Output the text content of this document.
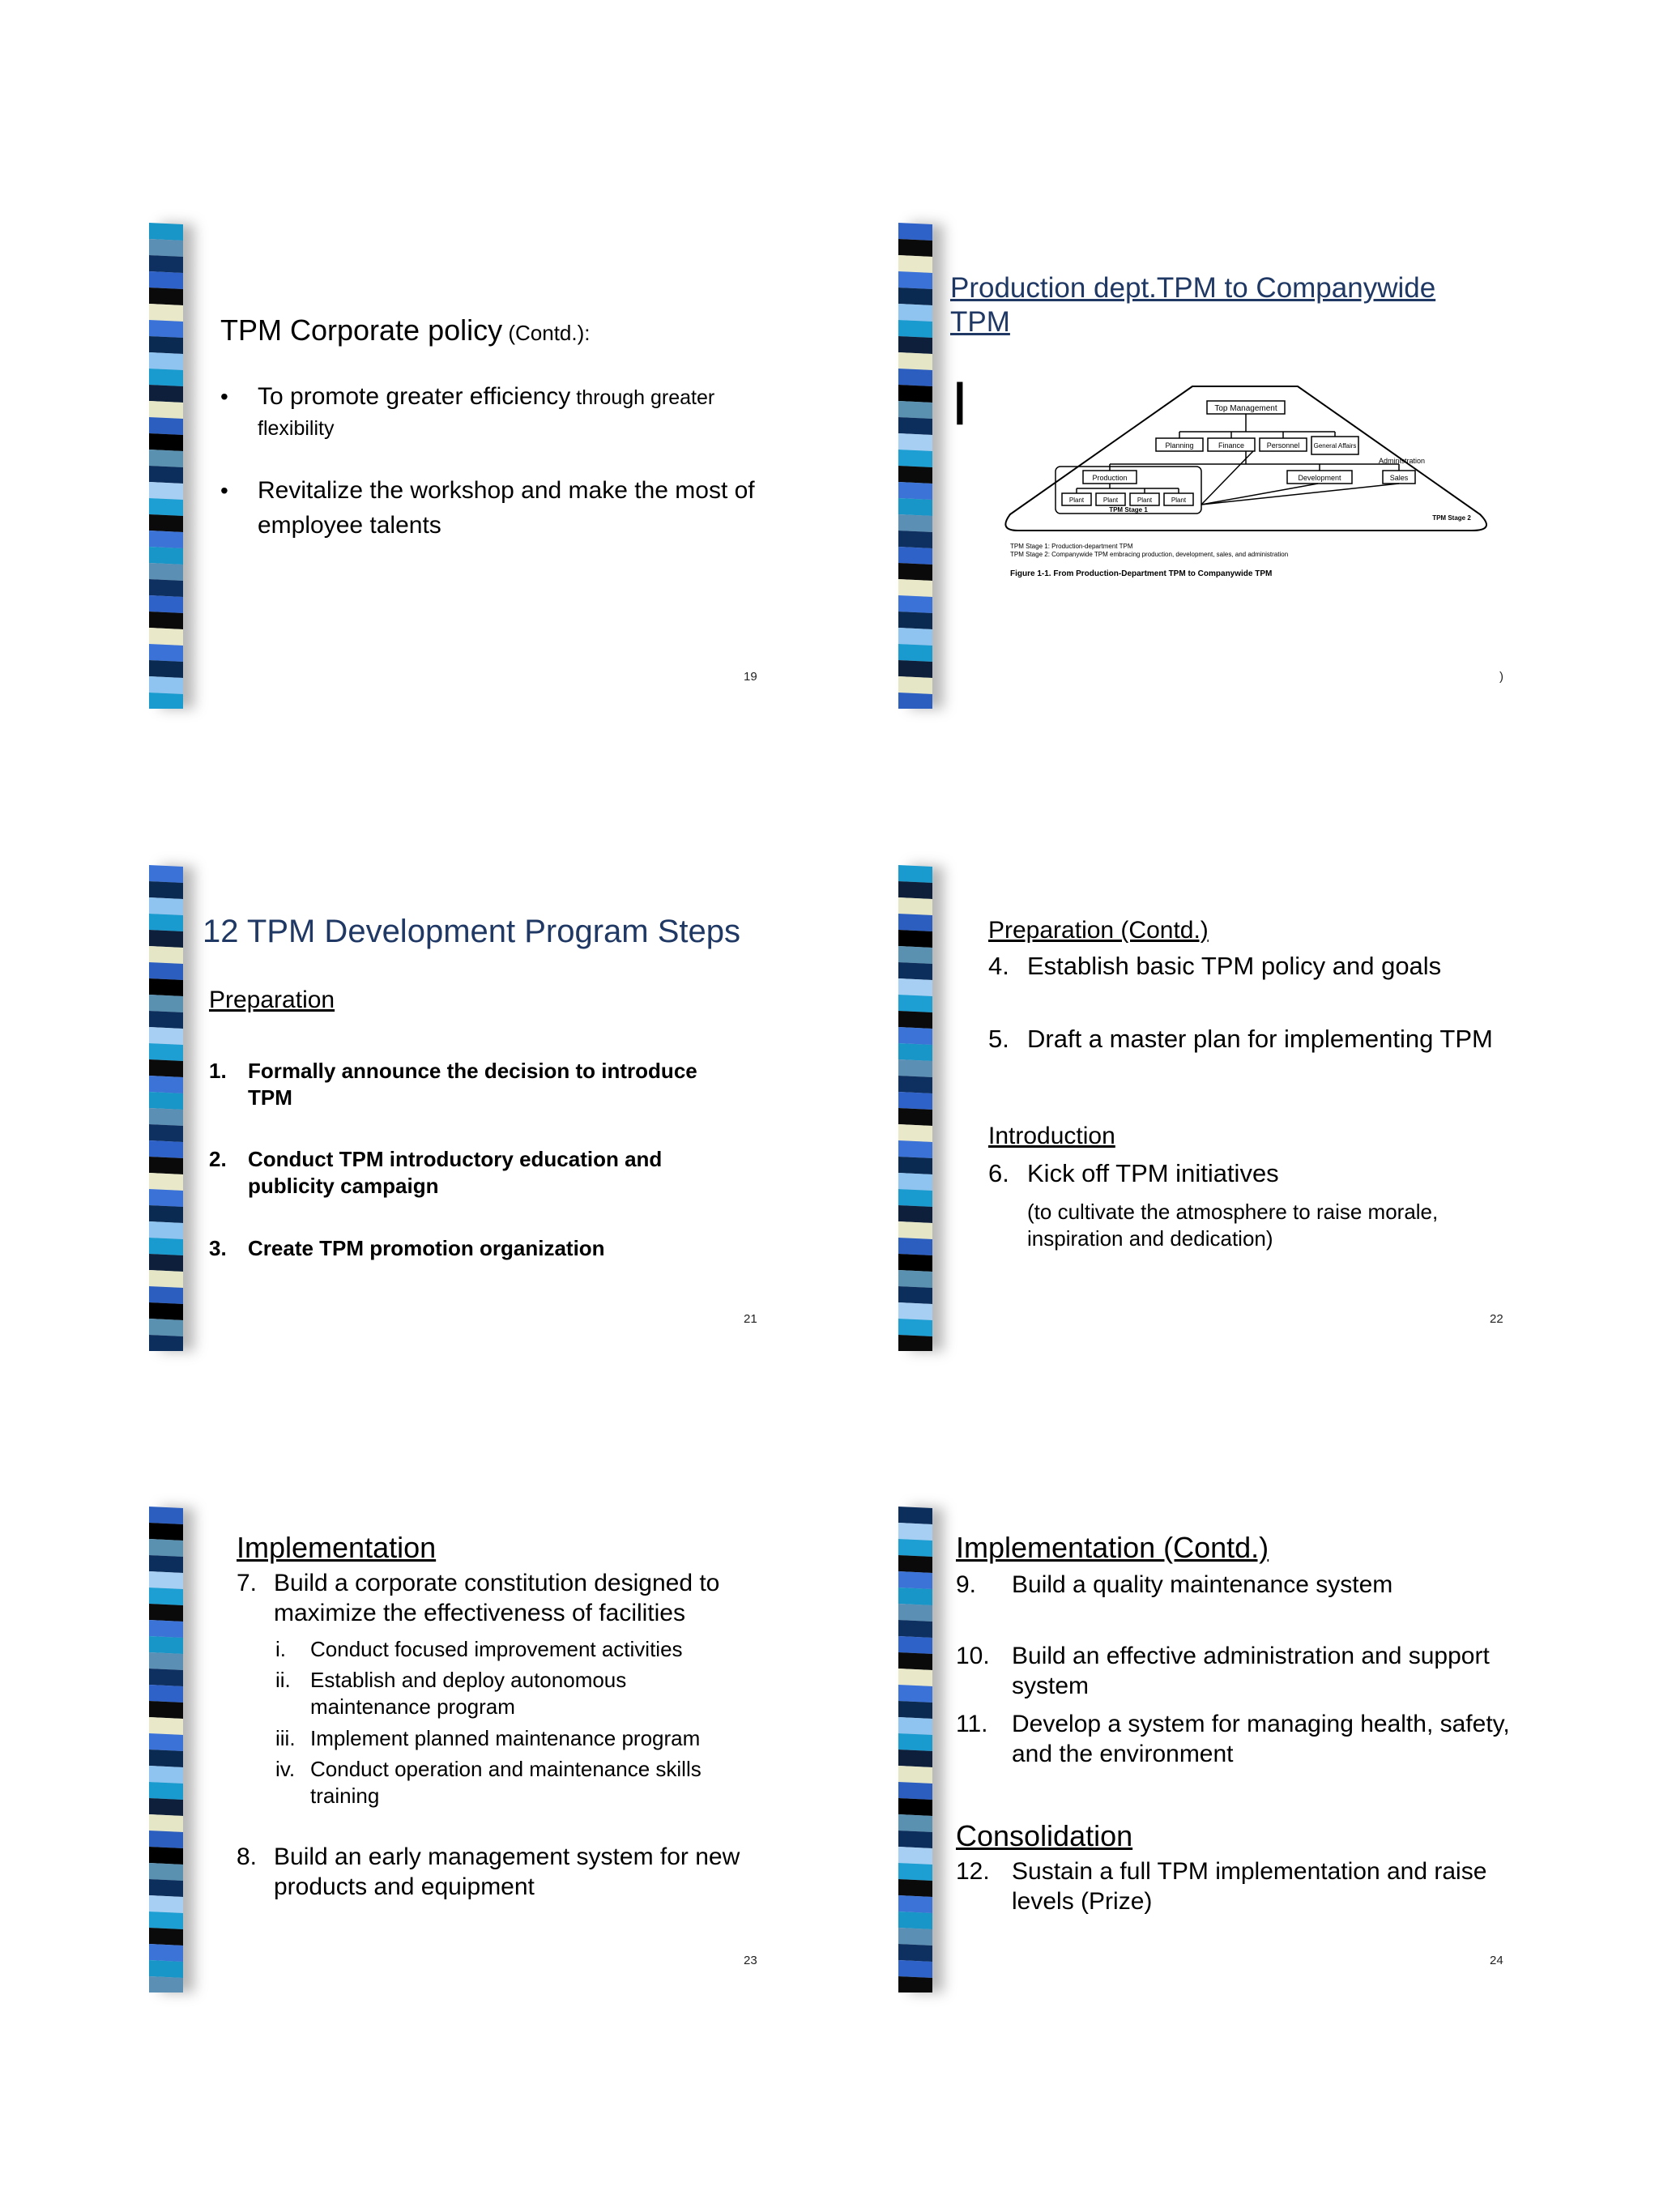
TPM Corporate policy (Contd.):
• To promote greater efficiency through greater flexibility
• Revitalize the workshop and make the most of employee talents
19
Production dept.TPM to Companywide TPM
|	Top Management
Planning	Finance	Personnel General Affairs
Administration
Production	Development	Sales
Plant	Plant	Plant	Plant
TPM Stage 1
TPM Stage 2
TPM Stage 1: Production-department TPM
TPM Stage 2: Companywide TPM embracing production, development, sales, and administration
Figure 1-1. From Production-Department TPM to Companywide TPM
)
12 TPM Development Program Steps
Preparation
1. Formally announce the decision to introduce TPM
2. Conduct TPM introductory education and publicity campaign
3. Create TPM promotion organization
21
Preparation (Contd.)
4. Establish basic TPM policy and goals
5. Draft a master plan for implementing TPM
Introduction
6. Kick off TPM initiatives
(to cultivate the atmosphere to raise morale, inspiration and dedication)
22
Implementation
7. Build a corporate constitution designed to maximize the effectiveness of facilities
i. Conduct focused improvement activities
ii. Establish and deploy autonomous maintenance program
iii. Implement planned maintenance program
iv. Conduct operation and maintenance skills training
8. Build an early management system for new products and equipment
23
Implementation (Contd.)
9. Build a quality maintenance system
10. Build an effective administration and support system
11. Develop a system for managing health, safety, and the environment
Consolidation
12. Sustain a full TPM implementation and raise levels (Prize)
24
